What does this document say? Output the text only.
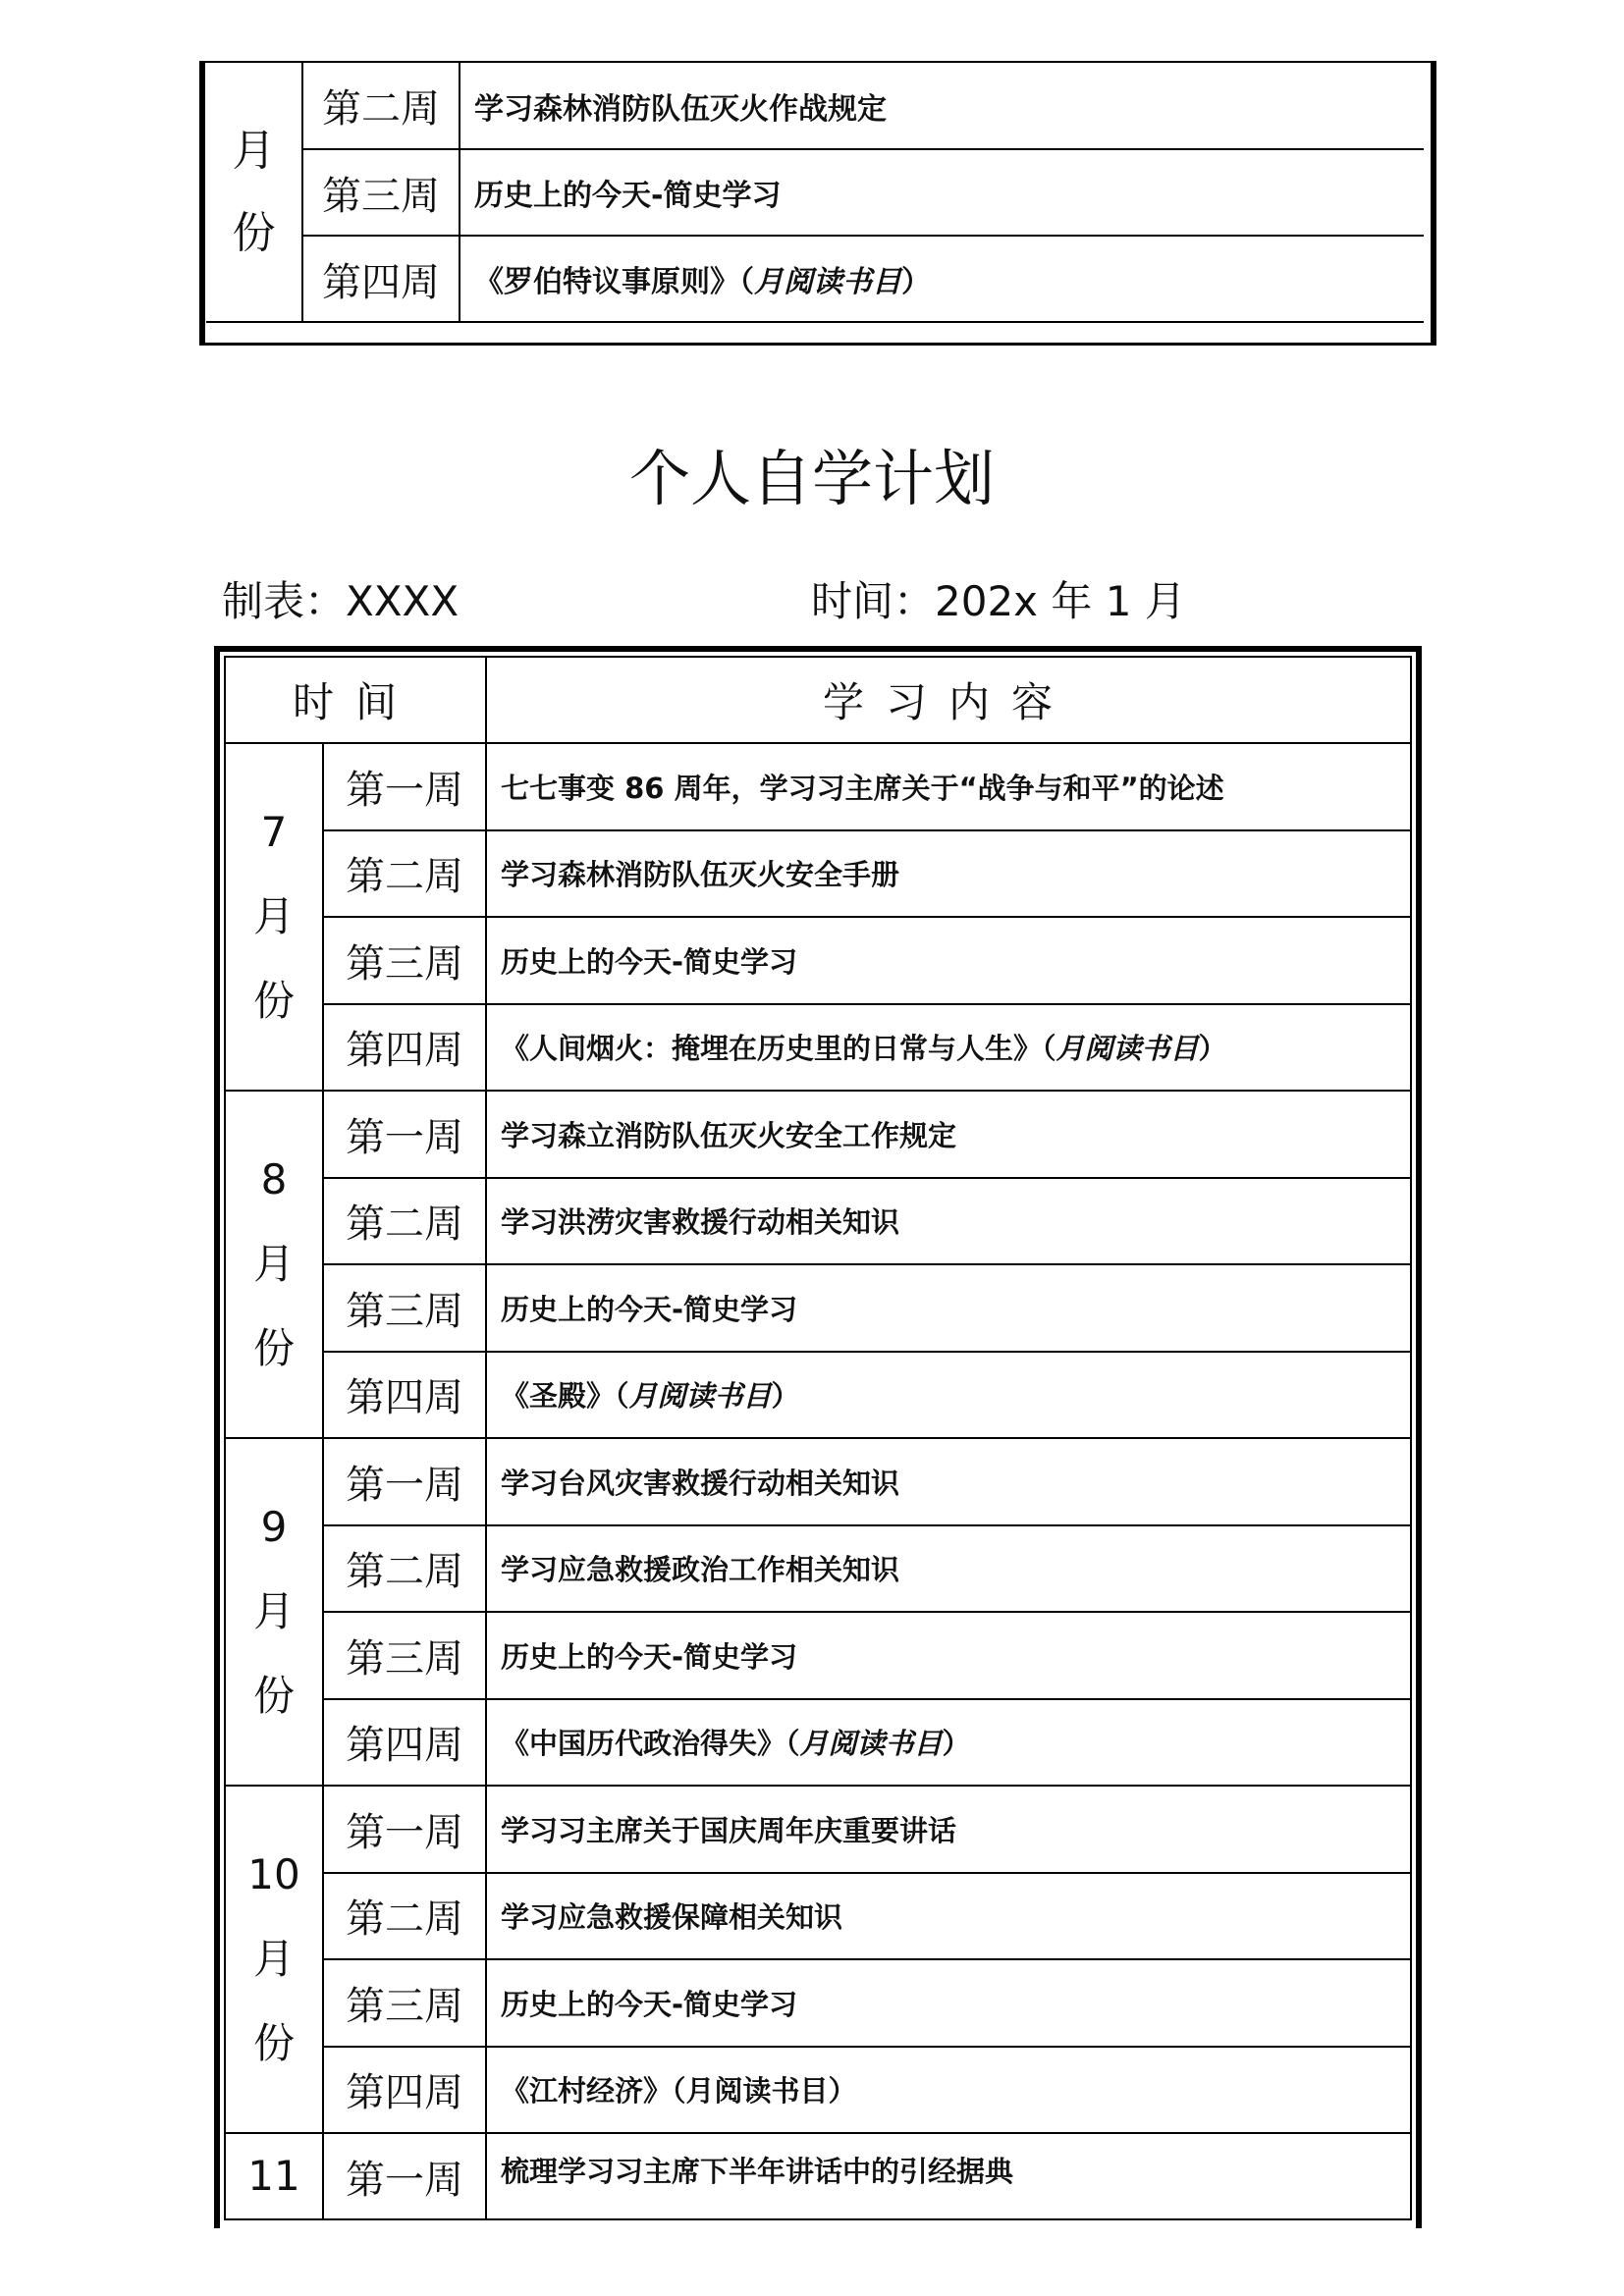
月
份	第二周	学习森林消防队伍灭火作战规定
	第三周	历史上的今天-简史学习
	第四周	《罗伯特议事原则》（月阅读书目）
个人自学计划
制表：XXXX	时间：202x 年 1 月
时间		学习内容

7
月
份	第一周	七七事变 86 周年，学习习主席关于“战争与和平”的论述
	第二周	学习森林消防队伍灭火安全手册
	第三周	历史上的今天-简史学习
	第四周	《人间烟火：掩埋在历史里的日常与人生》（月阅读书目）

8
月
份	第一周	学习森立消防队伍灭火安全工作规定
	第二周	学习洪涝灾害救援行动相关知识
	第三周	历史上的今天-简史学习
	第四周	《圣殿》（月阅读书目）

9
月
份	第一周	学习台风灾害救援行动相关知识
	第二周	学习应急救援政治工作相关知识
	第三周	历史上的今天-简史学习
	第四周	《中国历代政治得失》（月阅读书目）

10
月
份	第一周	学习习主席关于国庆周年庆重要讲话
	第二周	学习应急救援保障相关知识
	第三周	历史上的今天-简史学习
	第四周	《江村经济》（月阅读书目）
11	第一周	梳理学习习主席下半年讲话中的引经据典
